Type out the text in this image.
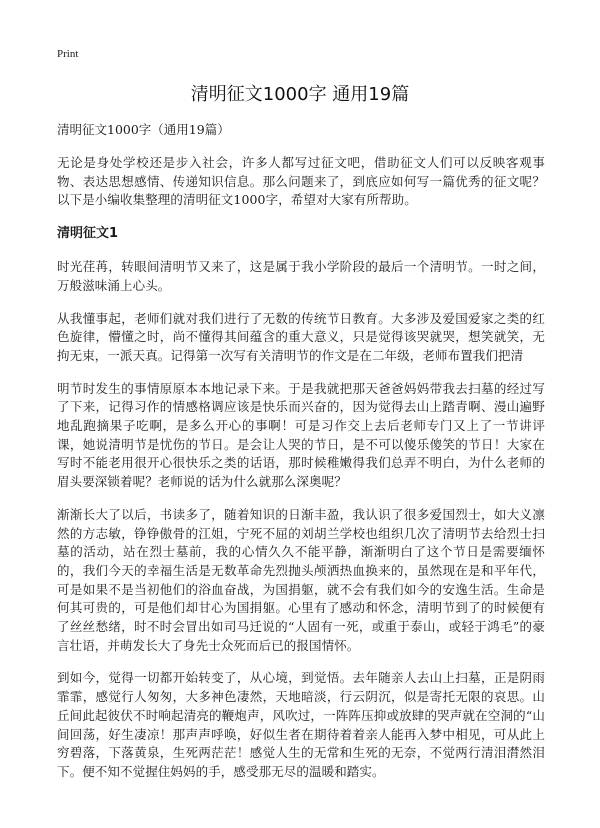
Print
清明征文1000字 通用19篇
清明征文1000字（通用19篇）

无论是身处学校还是步入社会，许多人都写过征文吧，借助征文人们可以反映客观事物、表达思想感情、传递知识信息。那么问题来了，到底应如何写一篇优秀的征文呢？以下是小编收集整理的清明征文1000字，希望对大家有所帮助。

清明征文1

时光荏苒，转眼间清明节又来了，这是属于我小学阶段的最后一个清明节。一时之间，万般滋味涌上心头。

从我懂事起，老师们就对我们进行了无数的传统节日教育。大多涉及爱国爱家之类的红色旋律，懵懂之时，尚不懂得其间蕴含的重大意义，只是觉得该哭就哭，想笑就笑，无拘无束，一派天真。记得第一次写有关清明节的作文是在二年级，老师布置我们把清

明节时发生的事情原原本本地记录下来。于是我就把那天爸爸妈妈带我去扫墓的经过写了下来，记得习作的情感格调应该是快乐而兴奋的，因为觉得去山上踏青啊、漫山遍野地乱跑摘果子吃啊，是多么开心的事啊！可是习作交上去后老师专门又上了一节讲评课，她说清明节是忧伤的节日。是会让人哭的节日，是不可以傻乐傻笑的节日！大家在写时不能老用很开心很快乐之类的话语，那时候稚嫩得我们总弄不明白，为什么老师的眉头要深锁着呢？老师说的话为什么就那么深奥呢？

渐渐长大了以后，书读多了，随着知识的日渐丰盈，我认识了很多爱国烈士，如大义凛然的方志敏，铮铮傲骨的江姐，宁死不屈的刘胡兰学校也组织几次了清明节去给烈士扫墓的活动，站在烈士墓前，我的心情久久不能平静，渐渐明白了这个节日是需要缅怀的，我们今天的幸福生活是无数革命先烈抛头颅洒热血换来的，虽然现在是和平年代，可是如果不是当初他们的浴血奋战，为国捐躯，就不会有我们如今的安逸生活。生命是何其可贵的，可是他们却甘心为国捐躯。心里有了感动和怀念，清明节到了的时候便有了丝丝愁绪，时不时会冒出如司马迁说的“人固有一死，或重于泰山，或轻于鸿毛”的豪言壮语，并萌发长大了身先士众死而后已的报国情怀。

到如今，觉得一切都开始转变了，从心境，到觉悟。去年随亲人去山上扫墓，正是阴雨霏霏，感觉行人匆匆，大多神色凄然，天地暗淡，行云阴沉，似是寄托无限的哀思。山丘间此起彼伏不时响起清亮的鞭炮声，风吹过，一阵阵压抑或放肆的哭声就在空洞的“山间回荡，好生凄凉！那声声呼唤，好似生者在期待着着亲人能再入梦中相见，可从此上穷碧落，下落黄泉，生死两茫茫！感觉人生的无常和生死的无奈，不觉两行清泪潸然泪下。便不知不觉握住妈妈的手，感受那无尽的温暖和踏实。
